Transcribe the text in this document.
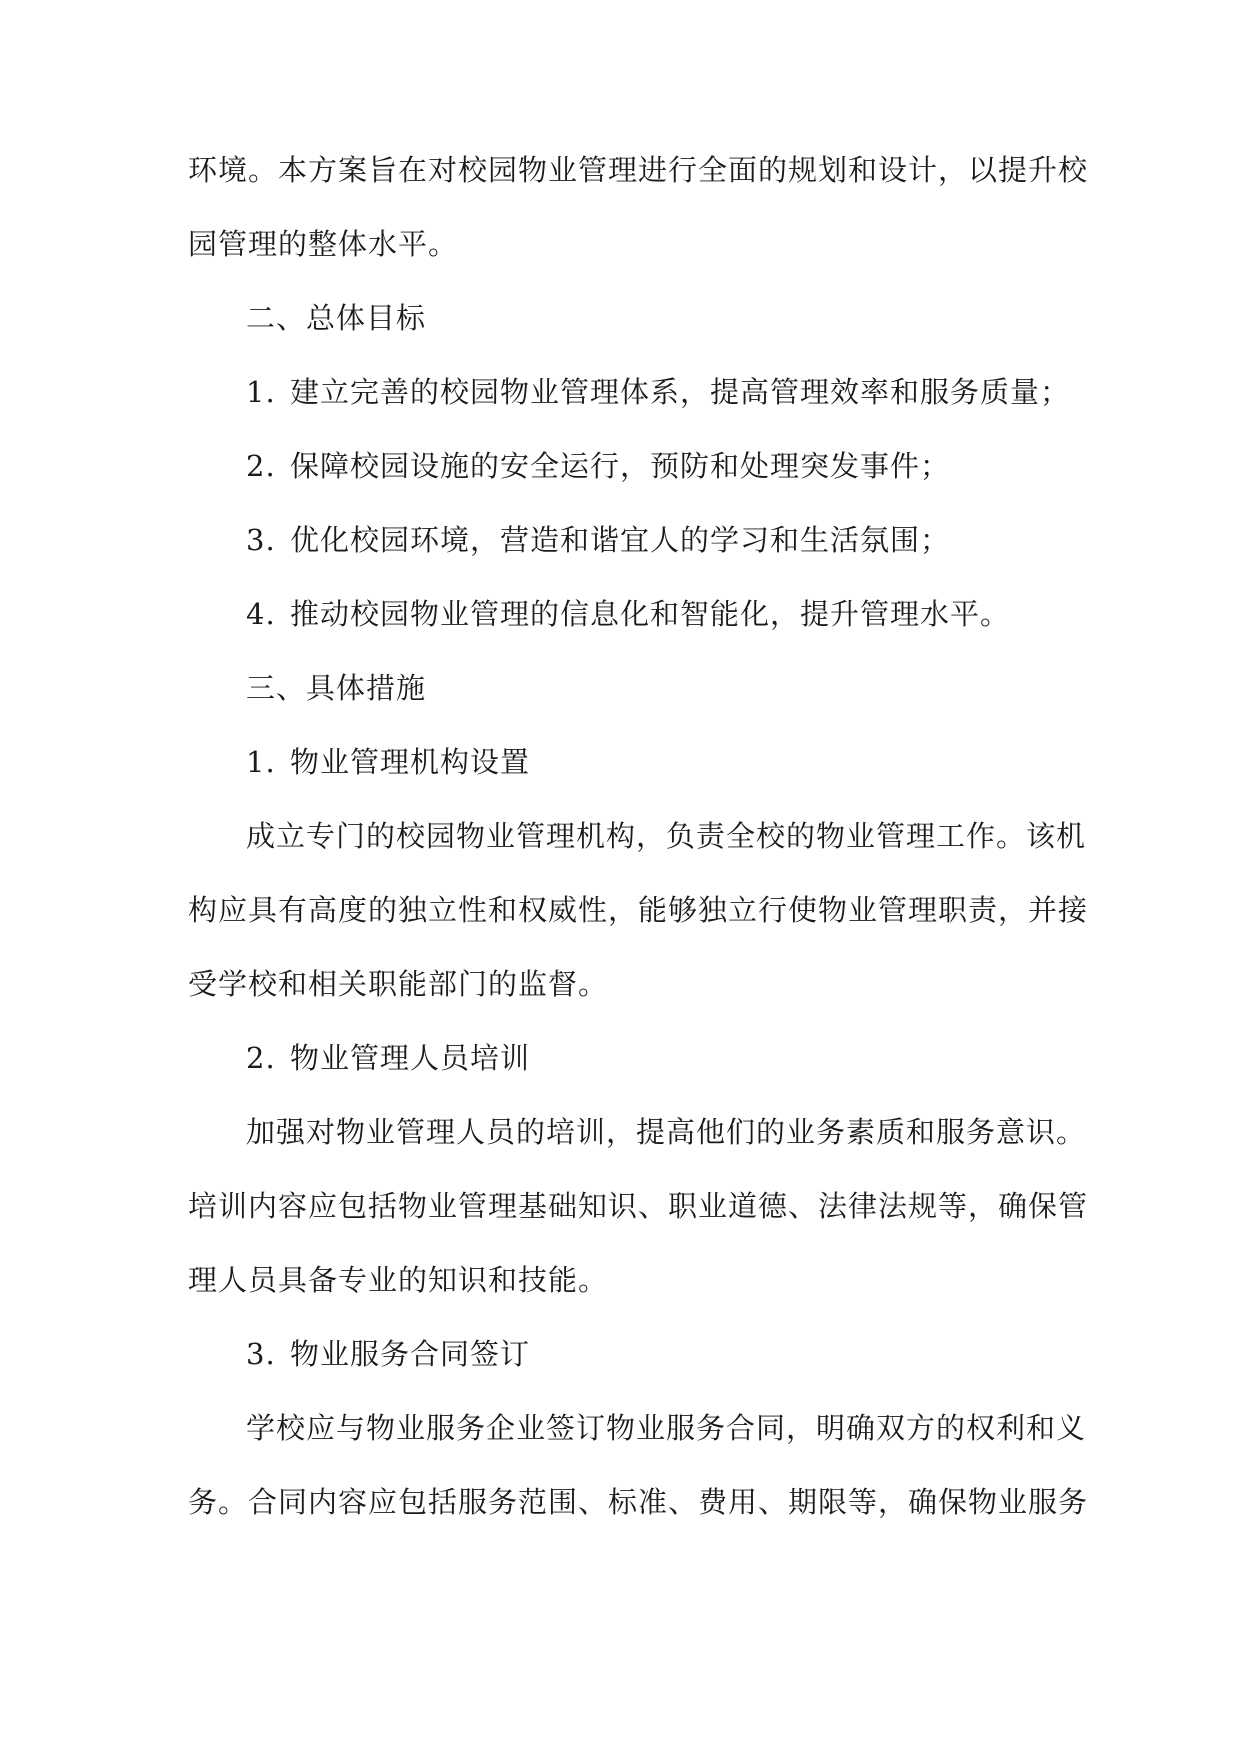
环境。本方案旨在对校园物业管理进行全面的规划和设计，以提升校
园管理的整体水平。
二、总体目标
1. 建立完善的校园物业管理体系，提高管理效率和服务质量；
2. 保障校园设施的安全运行，预防和处理突发事件；
3. 优化校园环境，营造和谐宜人的学习和生活氛围；
4. 推动校园物业管理的信息化和智能化，提升管理水平。
三、具体措施
1. 物业管理机构设置
成立专门的校园物业管理机构，负责全校的物业管理工作。该机
构应具有高度的独立性和权威性，能够独立行使物业管理职责，并接
受学校和相关职能部门的监督。
2. 物业管理人员培训
加强对物业管理人员的培训，提高他们的业务素质和服务意识。
培训内容应包括物业管理基础知识、职业道德、法律法规等，确保管
理人员具备专业的知识和技能。
3. 物业服务合同签订
学校应与物业服务企业签订物业服务合同，明确双方的权利和义
务。合同内容应包括服务范围、标准、费用、期限等，确保物业服务
